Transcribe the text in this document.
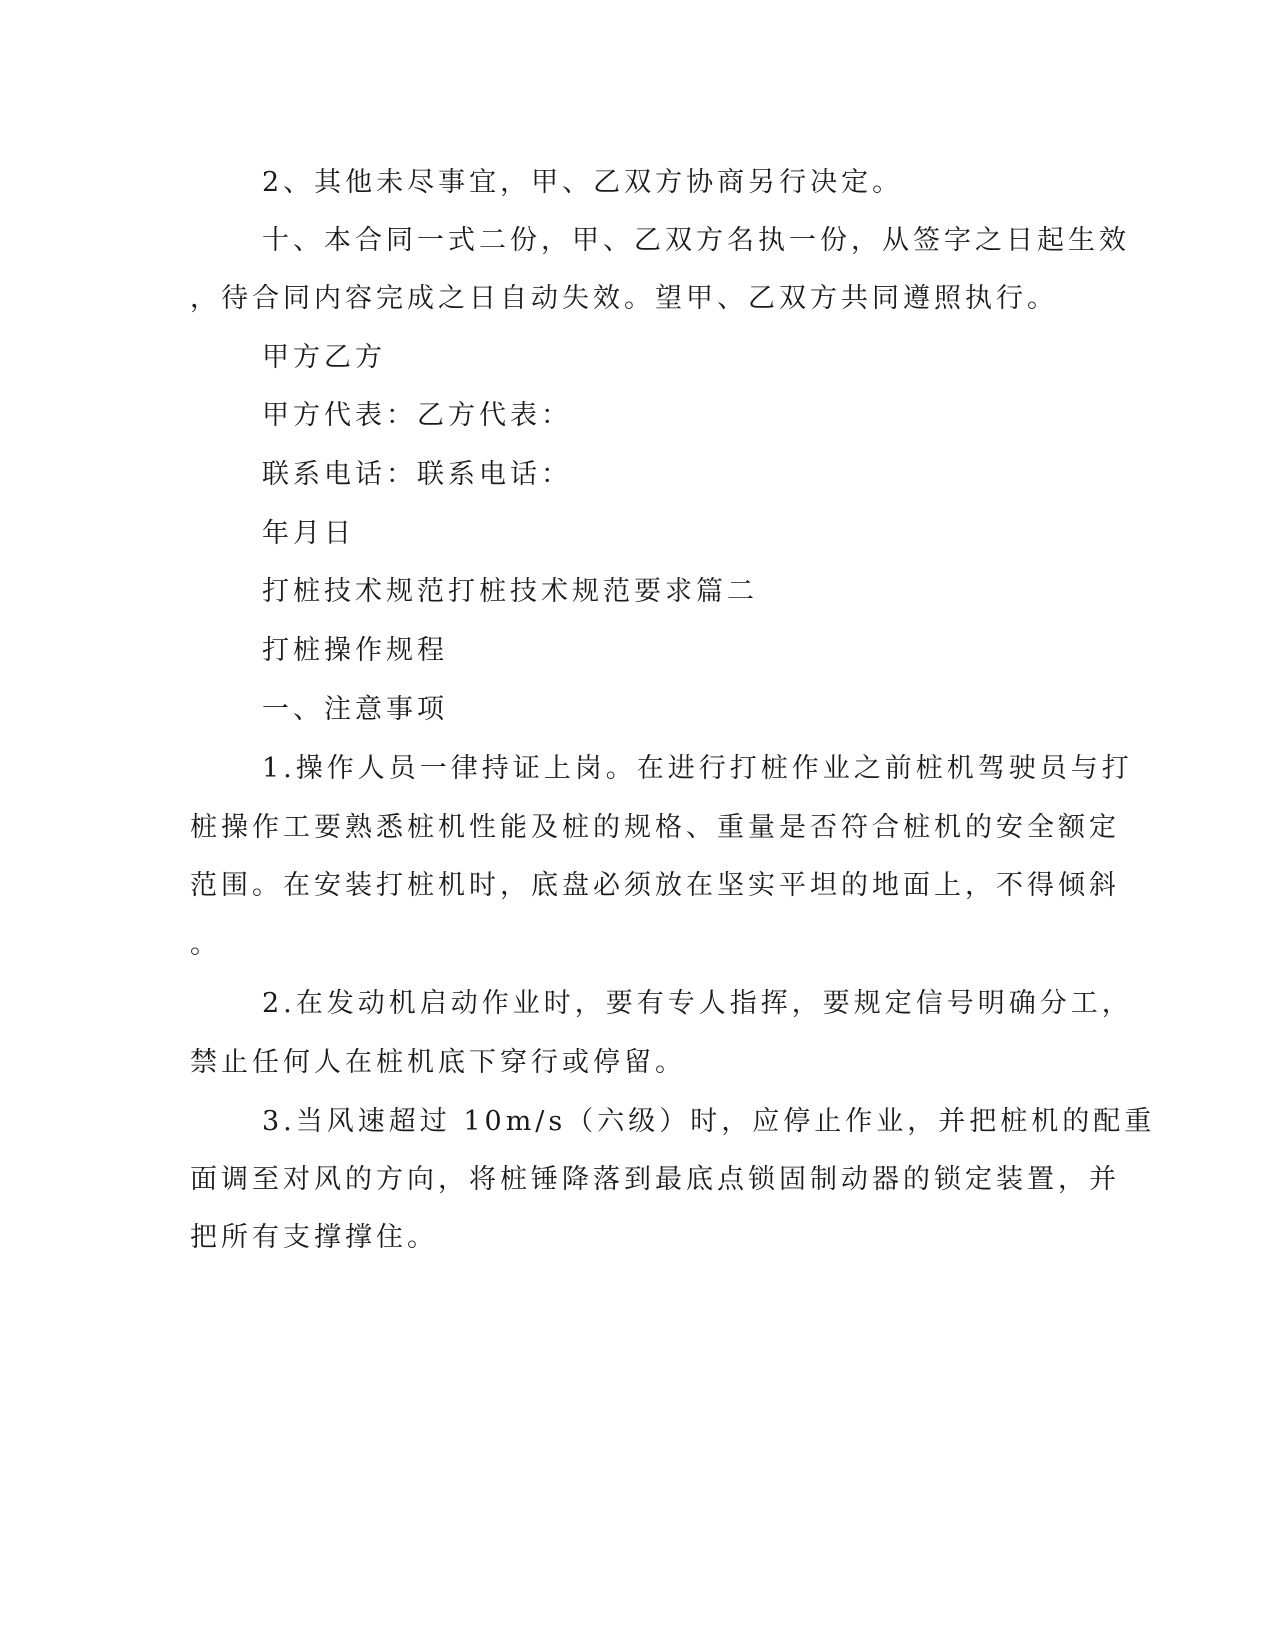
2、其他未尽事宜，甲、乙双方协商另行决定。
十、本合同一式二份，甲、乙双方名执一份，从签字之日起生效
，待合同内容完成之日自动失效。望甲、乙双方共同遵照执行。
甲方乙方
甲方代表：乙方代表：
联系电话：联系电话：
年月日
打桩技术规范打桩技术规范要求篇二
打桩操作规程
一、注意事项
1.操作人员一律持证上岗。在进行打桩作业之前桩机驾驶员与打
桩操作工要熟悉桩机性能及桩的规格、重量是否符合桩机的安全额定
范围。在安装打桩机时，底盘必须放在坚实平坦的地面上，不得倾斜
。
2.在发动机启动作业时，要有专人指挥，要规定信号明确分工，
禁止任何人在桩机底下穿行或停留。
3.当风速超过 10m/s（六级）时，应停止作业，并把桩机的配重
面调至对风的方向，将桩锤降落到最底点锁固制动器的锁定装置，并
把所有支撑撑住。
